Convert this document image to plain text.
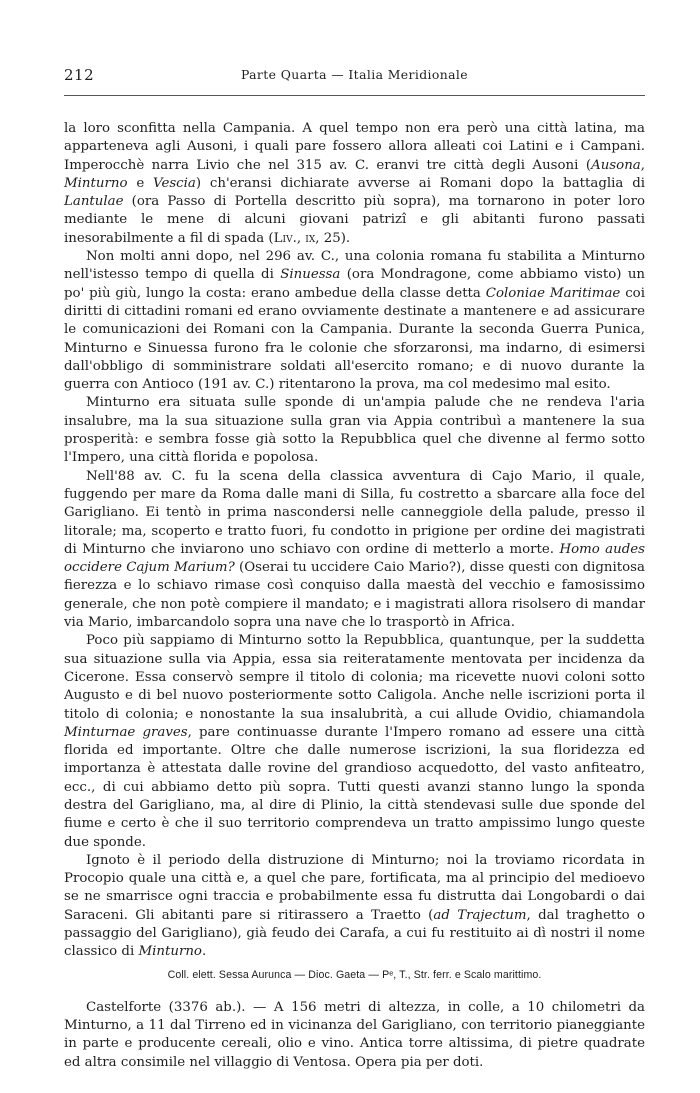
212	Parte Quarta — Italia Meridionale

la loro sconfitta nella Campania. A quel tempo non era però una città latina, ma apparteneva agli Ausoni, i quali pare fossero allora alleati coi Latini e i Campani. Imperocchè narra Livio che nel 315 av. C. eranvi tre città degli Ausoni (Ausona, Minturno e Vescia) ch'eransi dichiarate avverse ai Romani dopo la battaglia di Lantulae (ora Passo di Portella descritto più sopra), ma tornarono in poter loro mediante le mene di alcuni giovani patrizî e gli abitanti furono passati inesorabilmente a fil di spada (Liv., ix, 25).

Non molti anni dopo, nel 296 av. C., una colonia romana fu stabilita a Minturno nell'istesso tempo di quella di Sinuessa (ora Mondragone, come abbiamo visto) un po' più giù, lungo la costa: erano ambedue della classe detta Coloniae Maritimae coi diritti di cittadini romani ed erano ovviamente destinate a mantenere e ad assicurare le comunicazioni dei Romani con la Campania. Durante la seconda Guerra Punica, Minturno e Sinuessa furono fra le colonie che sforzaronsi, ma indarno, di esimersi dall'obbligo di somministrare soldati all'esercito romano; e di nuovo durante la guerra con Antioco (191 av. C.) ritentarono la prova, ma col medesimo mal esito.

Minturno era situata sulle sponde di un'ampia palude che ne rendeva l'aria insalubre, ma la sua situazione sulla gran via Appia contribuì a mantenere la sua prosperità: e sembra fosse già sotto la Repubblica quel che divenne al fermo sotto l'Impero, una città florida e popolosa.

Nell'88 av. C. fu la scena della classica avventura di Cajo Mario, il quale, fuggendo per mare da Roma dalle mani di Silla, fu costretto a sbarcare alla foce del Garigliano. Ei tentò in prima nascondersi nelle canneggiole della palude, presso il litorale; ma, scoperto e tratto fuori, fu condotto in prigione per ordine dei magistrati di Minturno che inviarono uno schiavo con ordine di metterlo a morte. Homo audes occidere Cajum Marium? (Oserai tu uccidere Caio Mario?), disse questi con dignitosa fierezza e lo schiavo rimase così conquiso dalla maestà del vecchio e famosissimo generale, che non potè compiere il mandato; e i magistrati allora risolsero di mandar via Mario, imbarcandolo sopra una nave che lo trasportò in Africa.

Poco più sappiamo di Minturno sotto la Repubblica, quantunque, per la suddetta sua situazione sulla via Appia, essa sia reiteratamente mentovata per incidenza da Cicerone. Essa conservò sempre il titolo di colonia; ma ricevette nuovi coloni sotto Augusto e di bel nuovo posteriormente sotto Caligola. Anche nelle iscrizioni porta il titolo di colonia; e nonostante la sua insalubrità, a cui allude Ovidio, chiamandola Minturnae graves, pare continuasse durante l'Impero romano ad essere una città florida ed importante. Oltre che dalle numerose iscrizioni, la sua floridezza ed importanza è attestata dalle rovine del grandioso acquedotto, del vasto anfiteatro, ecc., di cui abbiamo detto più sopra. Tutti questi avanzi stanno lungo la sponda destra del Garigliano, ma, al dire di Plinio, la città stendevasi sulle due sponde del fiume e certo è che il suo territorio comprendeva un tratto ampissimo lungo queste due sponde.

Ignoto è il periodo della distruzione di Minturno; noi la troviamo ricordata in Procopio quale una città e, a quel che pare, fortificata, ma al principio del medioevo se ne smarrisce ogni traccia e probabilmente essa fu distrutta dai Longobardi o dai Saraceni. Gli abitanti pare si ritirassero a Traetto (ad Trajectum, dal traghetto o passaggio del Garigliano), già feudo dei Carafa, a cui fu restituito ai dì nostri il nome classico di Minturno.

Coll. elett. Sessa Aurunca — Dioc. Gaeta — Pᵉ, T., Str. ferr. e Scalo marittimo.

Castelforte (3376 ab.). — A 156 metri di altezza, in colle, a 10 chilometri da Minturno, a 11 dal Tirreno ed in vicinanza del Garigliano, con territorio pianeggiante in parte e producente cereali, olio e vino. Antica torre altissima, di pietre quadrate ed altra consimile nel villaggio di Ventosa. Opera pia per doti.
